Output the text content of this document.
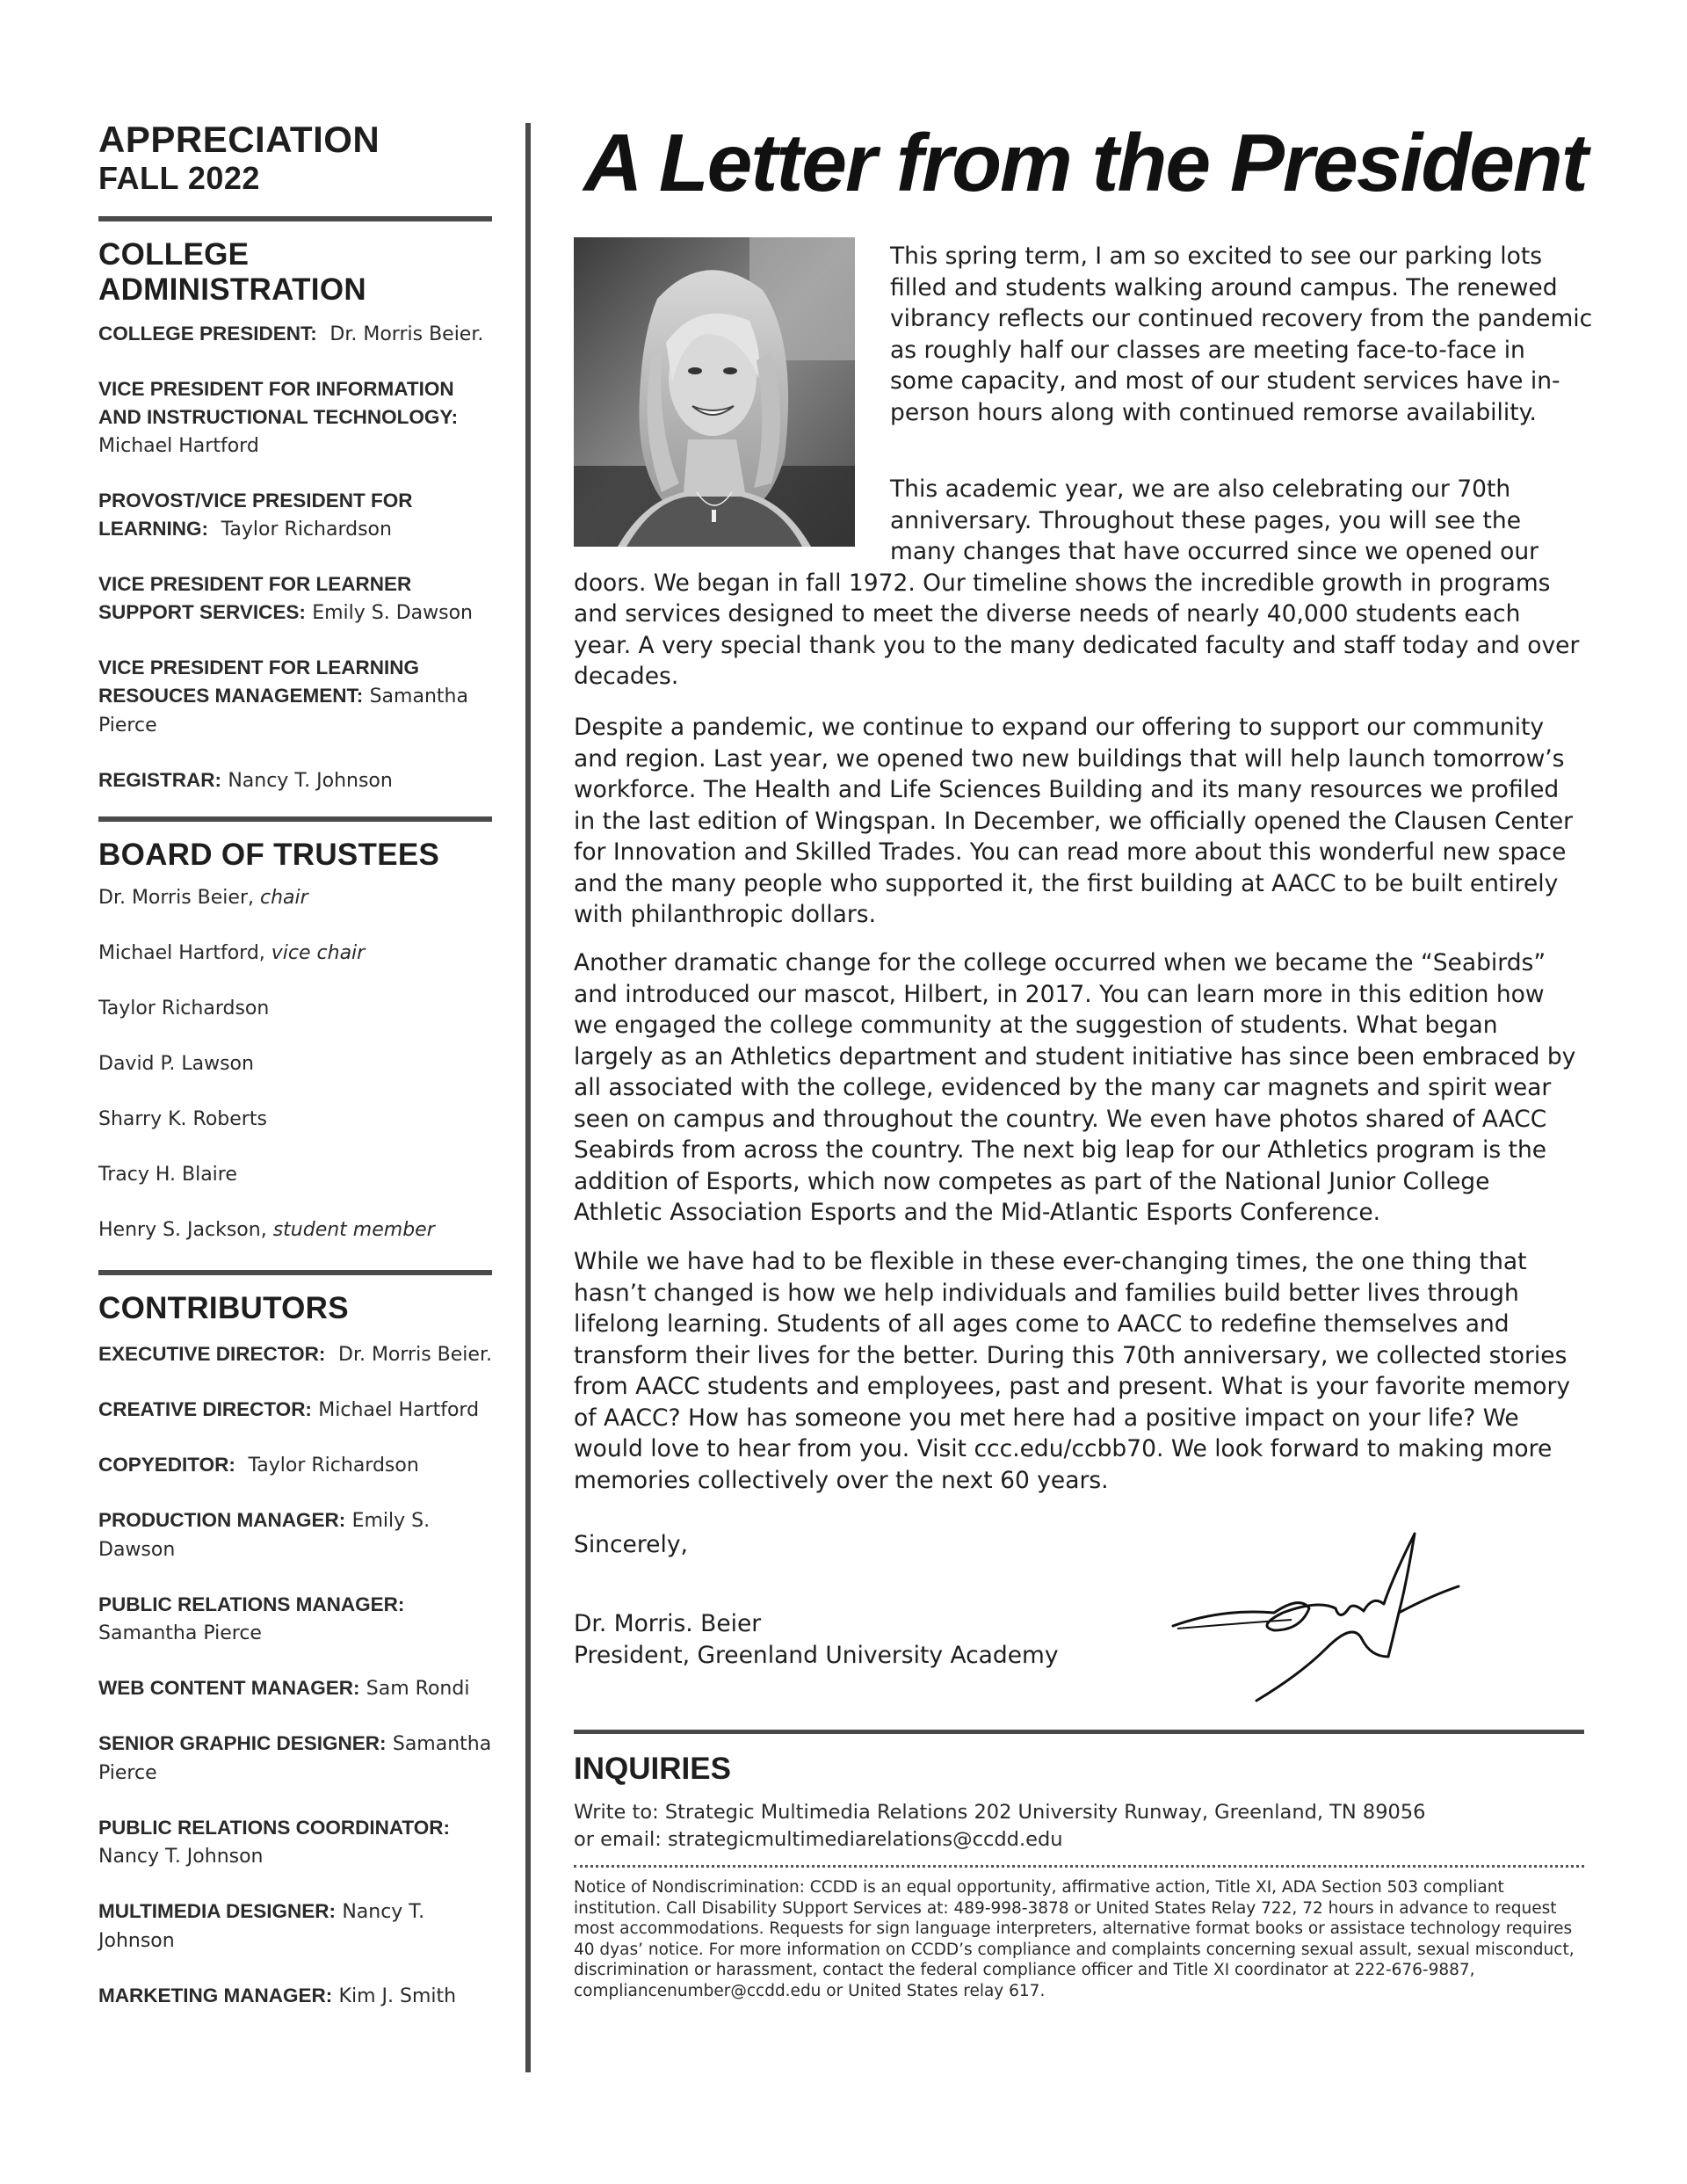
APPRECIATION
FALL 2022
COLLEGE ADMINISTRATION
COLLEGE PRESIDENT: Dr. Morris Beier.
VICE PRESIDENT FOR INFORMATION AND INSTRUCTIONAL TECHNOLOGY: Michael Hartford
PROVOST/VICE PRESIDENT FOR LEARNING: Taylor Richardson
VICE PRESIDENT FOR LEARNER SUPPORT SERVICES: Emily S. Dawson
VICE PRESIDENT FOR LEARNING RESOUCES MANAGEMENT: Samantha Pierce
REGISTRAR: Nancy T. Johnson
BOARD OF TRUSTEES
Dr. Morris Beier, chair
Michael Hartford, vice chair
Taylor Richardson
David P. Lawson
Sharry K. Roberts
Tracy H. Blaire
Henry S. Jackson, student member
CONTRIBUTORS
EXECUTIVE DIRECTOR: Dr. Morris Beier.
CREATIVE DIRECTOR: Michael Hartford
COPYEDITOR: Taylor Richardson
PRODUCTION MANAGER: Emily S. Dawson
PUBLIC RELATIONS MANAGER:
Samantha Pierce
WEB CONTENT MANAGER: Sam Rondi
SENIOR GRAPHIC DESIGNER: Samantha Pierce
PUBLIC RELATIONS COORDINATOR:
Nancy T. Johnson
MULTIMEDIA DESIGNER: Nancy T. Johnson
MARKETING MANAGER: Kim J. Smith
A Letter from the President

This spring term, I am so excited to see our parking lots filled and students walking around campus. The renewed vibrancy reflects our continued recovery from the pandemic as roughly half our classes are meeting face-to-face in some capacity, and most of our student services have in-person hours along with continued remorse availability.

This academic year, we are also celebrating our 70th anniversary. Throughout these pages, you will see the many changes that have occurred since we opened our doors. We began in fall 1972. Our timeline shows the incredible growth in programs and services designed to meet the diverse needs of nearly 40,000 students each year. A very special thank you to the many dedicated faculty and staff today and over decades.

Despite a pandemic, we continue to expand our offering to support our community and region. Last year, we opened two new buildings that will help launch tomorrow’s workforce. The Health and Life Sciences Building and its many resources we profiled in the last edition of Wingspan. In December, we officially opened the Clausen Center for Innovation and Skilled Trades. You can read more about this wonderful new space and the many people who supported it, the first building at AACC to be built entirely with philanthropic dollars.

Another dramatic change for the college occurred when we became the “Seabirds” and introduced our mascot, Hilbert, in 2017. You can learn more in this edition how we engaged the college community at the suggestion of students. What began largely as an Athletics department and student initiative has since been embraced by all associated with the college, evidenced by the many car magnets and spirit wear seen on campus and throughout the country. We even have photos shared of AACC Seabirds from across the country. The next big leap for our Athletics program is the addition of Esports, which now competes as part of the National Junior College Athletic Association Esports and the Mid-Atlantic Esports Conference.

While we have had to be flexible in these ever-changing times, the one thing that hasn’t changed is how we help individuals and families build better lives through lifelong learning. Students of all ages come to AACC to redefine themselves and transform their lives for the better. During this 70th anniversary, we collected stories from AACC students and employees, past and present. What is your favorite memory of AACC? How has someone you met here had a positive impact on your life? We would love to hear from you. Visit ccc.edu/ccbb70. We look forward to making more memories collectively over the next 60 years.

Sincerely,
Dr. Morris. Beier
President, Greenland University Academy
INQUIRIES
Write to: Strategic Multimedia Relations 202 University Runway, Greenland, TN 89056
or email: strategicmultimediarelations@ccdd.edu
Notice of Nondiscrimination: CCDD is an equal opportunity, affirmative action, Title XI, ADA Section 503 compliant institution. Call Disability SUpport Services at: 489-998-3878 or United States Relay 722, 72 hours in advance to request most accommodations. Requests for sign language interpreters, alternative format books or assistace technology requires 40 dyas’ notice. For more information on CCDD’s compliance and complaints concerning sexual assult, sexual misconduct, discrimination or harassment, contact the federal compliance officer and Title XI coordinator at 222-676-9887, compliancenumber@ccdd.edu or United States relay 617.
